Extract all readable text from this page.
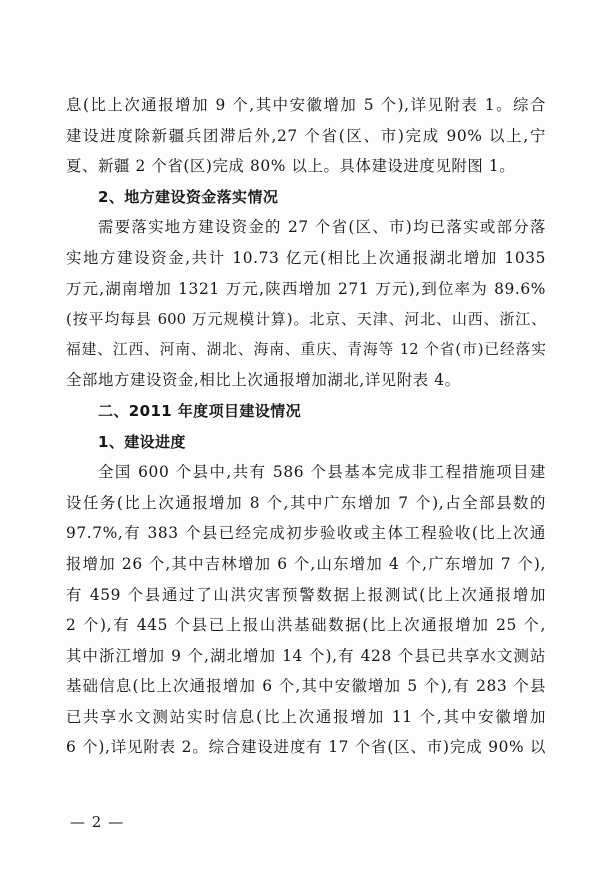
息(比上次通报增加 9 个,其中安徽增加 5 个),详见附表 1。综合
建设进度除新疆兵团滞后外,27 个省(区、市)完成 90% 以上,宁
夏、新疆 2 个省(区)完成 80% 以上。具体建设进度见附图 1。
2、地方建设资金落实情况
需要落实地方建设资金的 27 个省(区、市)均已落实或部分落
实地方建设资金,共计 10.73 亿元(相比上次通报湖北增加 1035
万元,湖南增加 1321 万元,陕西增加 271 万元),到位率为 89.6%
(按平均每县 600 万元规模计算)。北京、天津、河北、山西、浙江、
福建、江西、河南、湖北、海南、重庆、青海等 12 个省(市)已经落实
全部地方建设资金,相比上次通报增加湖北,详见附表 4。
二、2011 年度项目建设情况
1、建设进度
全国 600 个县中,共有 586 个县基本完成非工程措施项目建
设任务(比上次通报增加 8 个,其中广东增加 7 个),占全部县数的
97.7%,有 383 个县已经完成初步验收或主体工程验收(比上次通
报增加 26 个,其中吉林增加 6 个,山东增加 4 个,广东增加 7 个),
有 459 个县通过了山洪灾害预警数据上报测试(比上次通报增加
2 个),有 445 个县已上报山洪基础数据(比上次通报增加 25 个,
其中浙江增加 9 个,湖北增加 14 个),有 428 个县已共享水文测站
基础信息(比上次通报增加 6 个,其中安徽增加 5 个),有 283 个县
已共享水文测站实时信息(比上次通报增加 11 个,其中安徽增加
6 个),详见附表 2。综合建设进度有 17 个省(区、市)完成 90% 以
— 2 —
